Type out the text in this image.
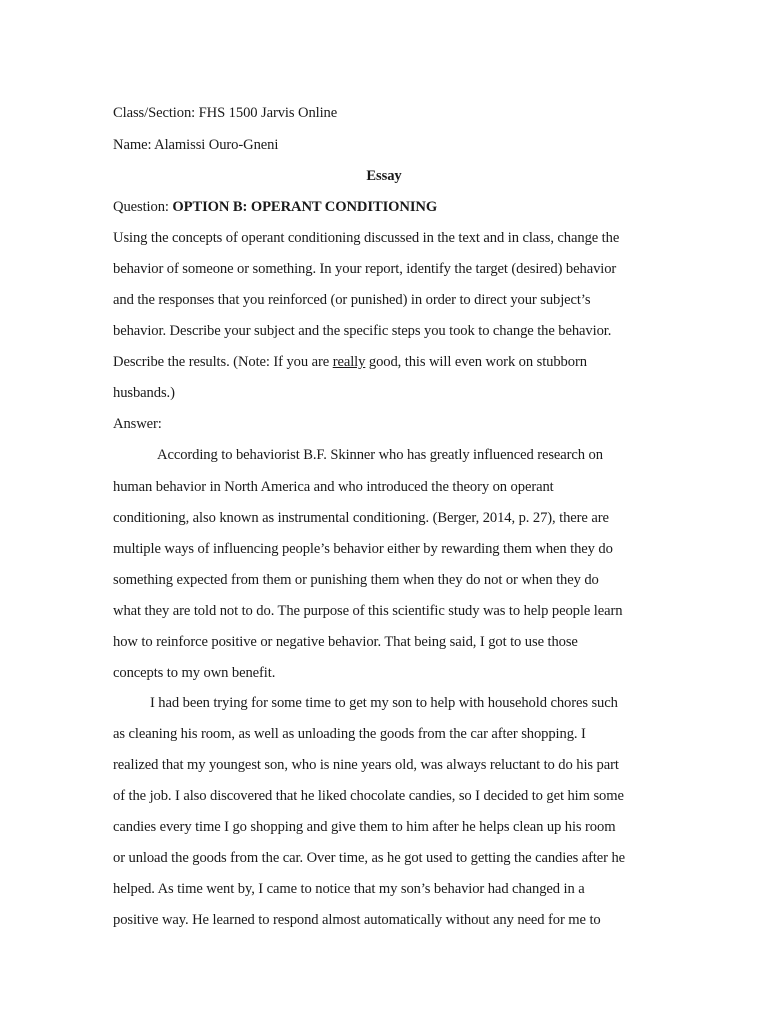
Class/Section: FHS 1500 Jarvis Online
Name: Alamissi Ouro-Gneni
Essay
Question: OPTION B: OPERANT CONDITIONING
Using the concepts of operant conditioning discussed in the text and in class, change the
behavior of someone or something. In your report, identify the target (desired) behavior
and the responses that you reinforced (or punished) in order to direct your subject’s
behavior. Describe your subject and the specific steps you took to change the behavior.
Describe the results. (Note: If you are really good, this will even work on stubborn
husbands.)
Answer:
According to behaviorist B.F. Skinner who has greatly influenced research on
human behavior in North America and who introduced the theory on operant
conditioning, also known as instrumental conditioning. (Berger, 2014, p. 27), there are
multiple ways of influencing people’s behavior either by rewarding them when they do
something expected from them or punishing them when they do not or when they do
what they are told not to do. The purpose of this scientific study was to help people learn
how to reinforce positive or negative behavior. That being said, I got to use those
concepts to my own benefit.
I had been trying for some time to get my son to help with household chores such
as cleaning his room, as well as unloading the goods from the car after shopping. I
realized that my youngest son, who is nine years old, was always reluctant to do his part
of the job. I also discovered that he liked chocolate candies, so I decided to get him some
candies every time I go shopping and give them to him after he helps clean up his room
or unload the goods from the car. Over time, as he got used to getting the candies after he
helped. As time went by, I came to notice that my son’s behavior had changed in a
positive way. He learned to respond almost automatically without any need for me to
